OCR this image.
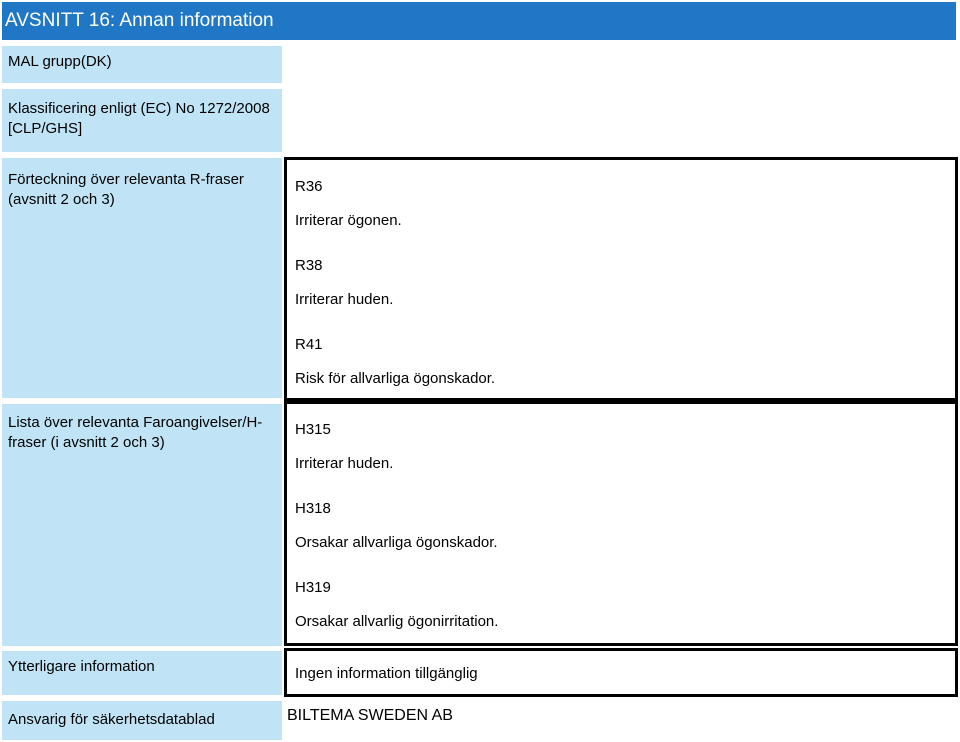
AVSNITT 16: Annan information
MAL grupp(DK)
Klassificering enligt (EC) No 1272/2008 [CLP/GHS]
Förteckning över relevanta R-fraser (avsnitt 2 och 3)
R36
Irriterar ögonen.
R38
Irriterar huden.
R41
Risk för allvarliga ögonskador.
Lista över relevanta Faroangivelser/H-fraser (i avsnitt 2 och 3)
H315
Irriterar huden.
H318
Orsakar allvarliga ögonskador.
H319
Orsakar allvarlig ögonirritation.
Ytterligare information	Ingen information tillgänglig
Ansvarig för säkerhetsdatablad	BILTEMA SWEDEN AB
